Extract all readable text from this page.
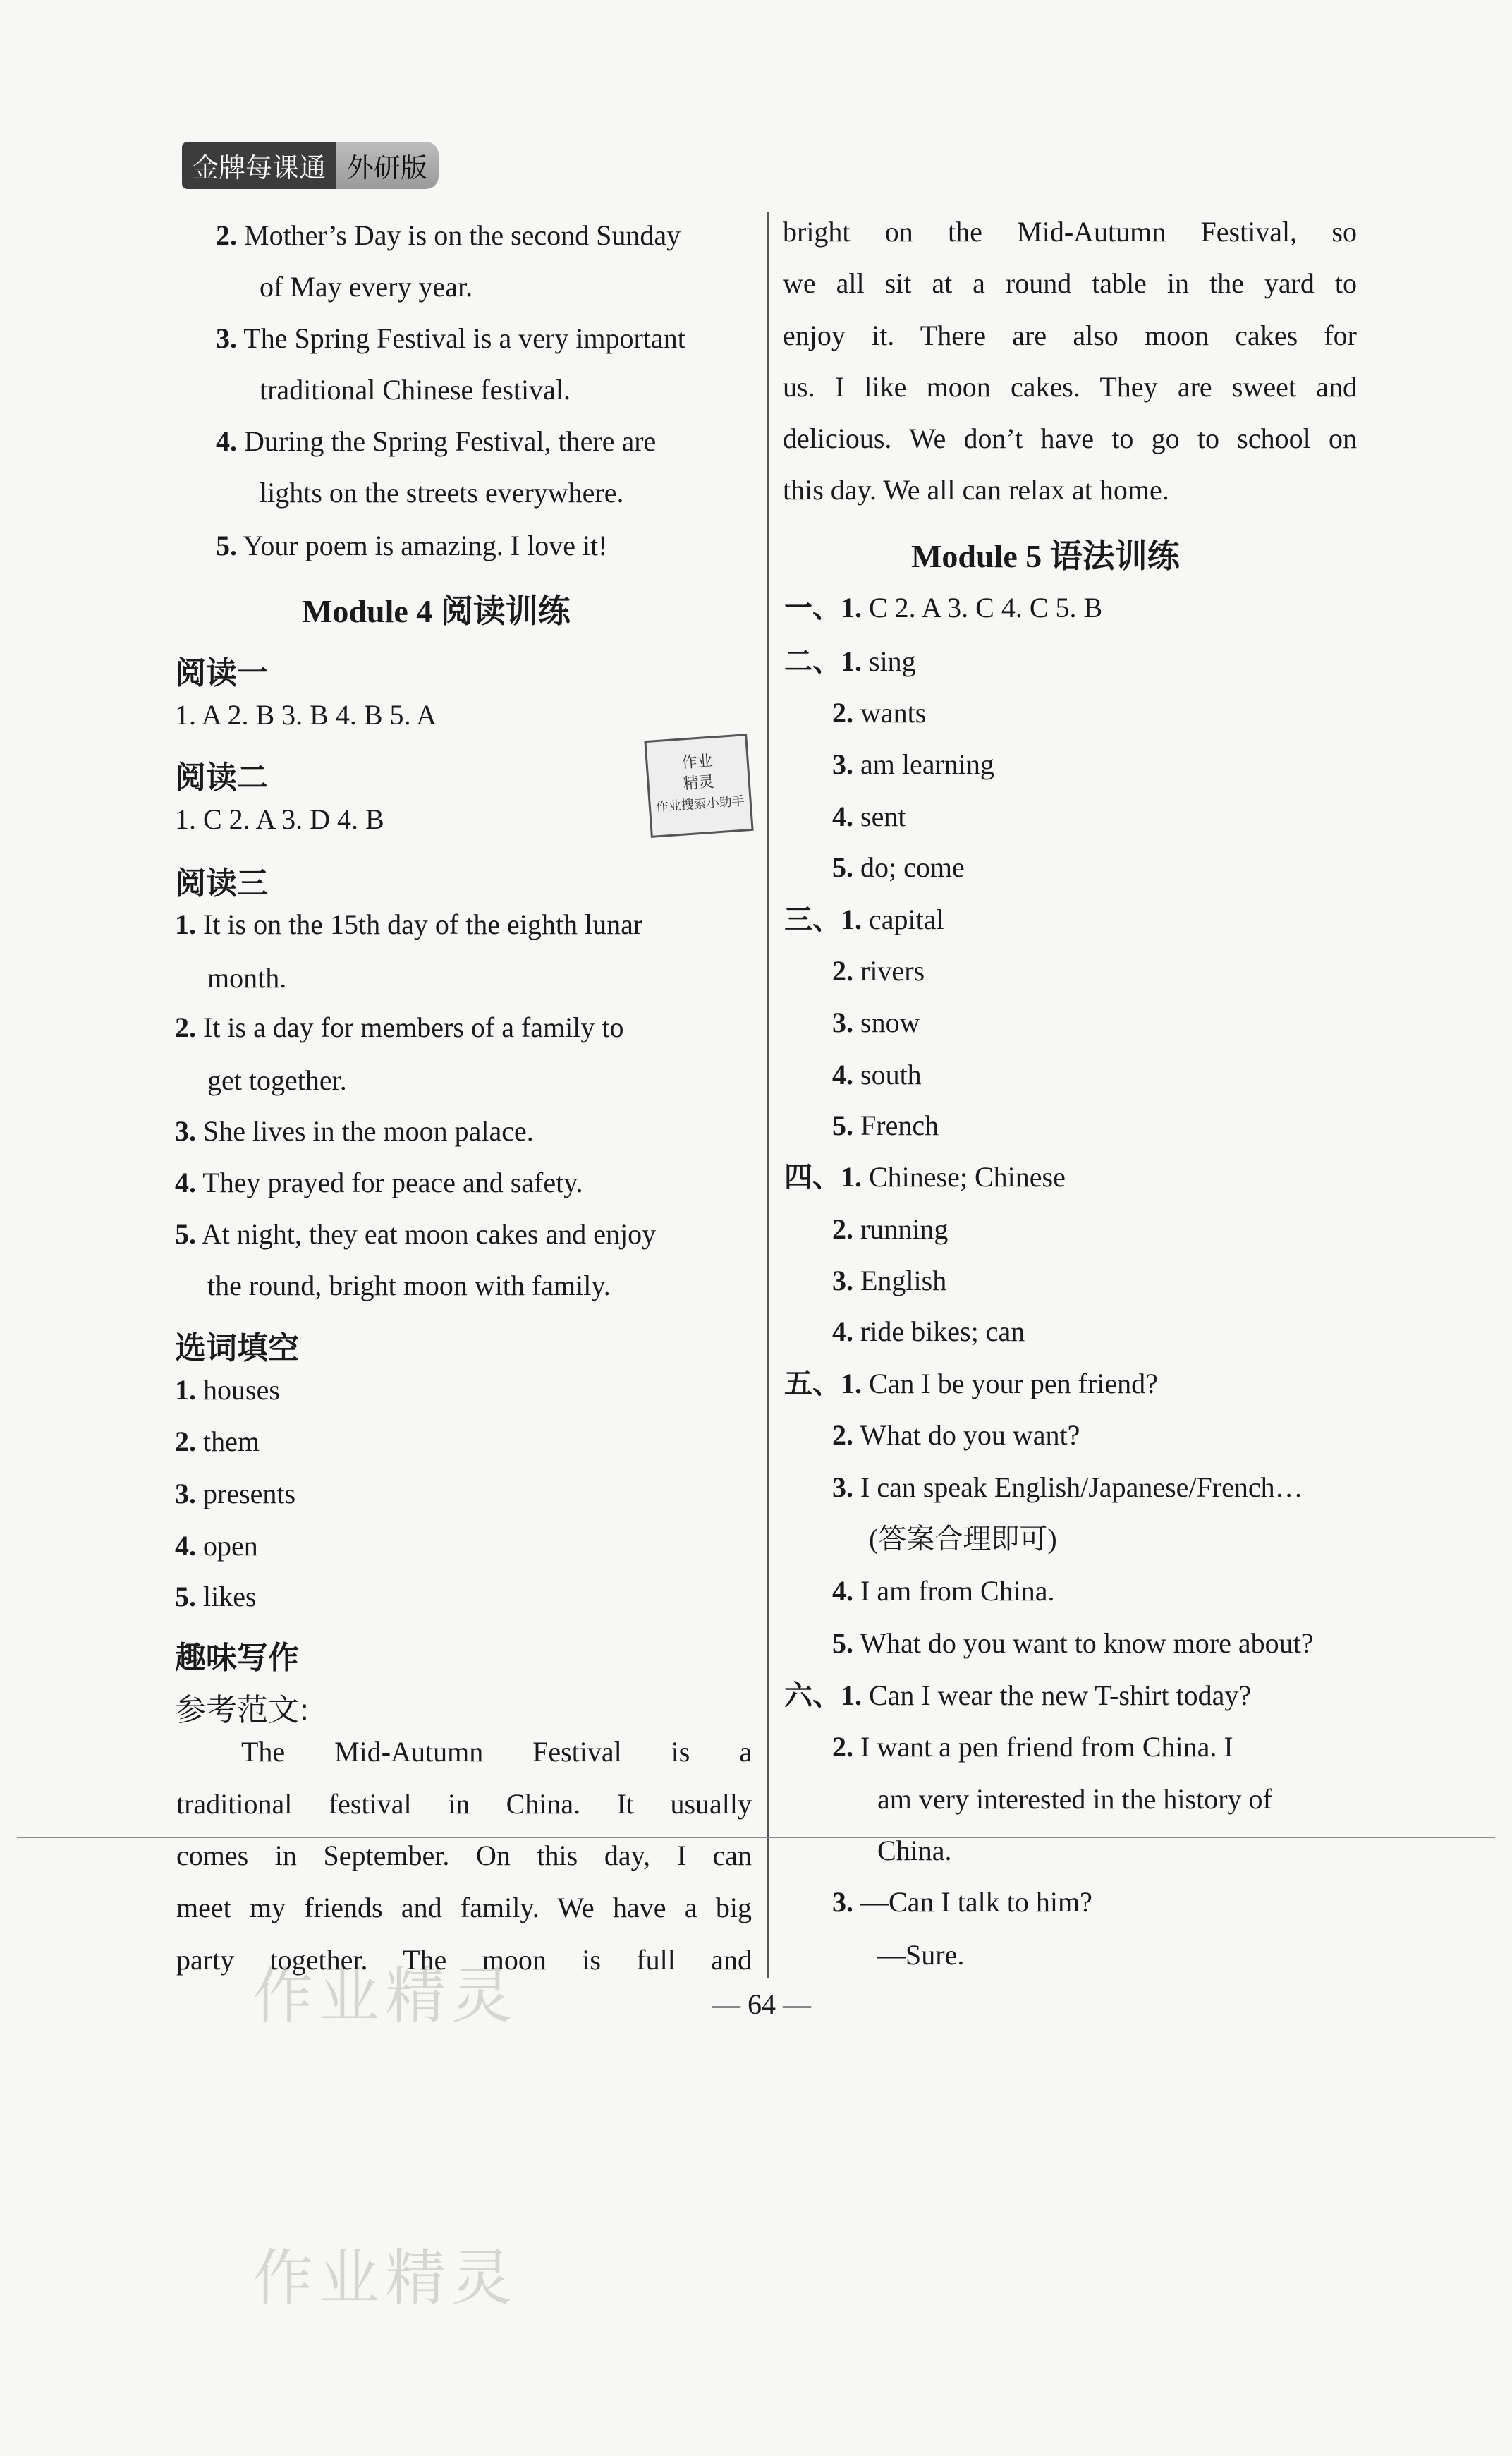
金牌每课通 外研版
作业
精灵
作业搜索小助手
作业精灵
作业精灵
2. Mother’s Day is on the second Sunday
of May every year.
3. The Spring Festival is a very important
traditional Chinese festival.
4. During the Spring Festival, there are
lights on the streets everywhere.
5. Your poem is amazing. I love it!
Module 4 阅读训练
阅读一
1. A 2. B 3. B 4. B 5. A
阅读二
1. C 2. A 3. D 4. B
阅读三
1. It is on the 15th day of the eighth lunar
month.
2. It is a day for members of a family to
get together.
3. She lives in the moon palace.
4. They prayed for peace and safety.
5. At night, they eat moon cakes and enjoy
the round, bright moon with family.
选词填空
1. houses
2. them
3. presents
4. open
5. likes
趣味写作
参考范文:
The Mid-Autumn Festival is a
traditional festival in China. It usually
comes in September. On this day, I can
meet my friends and family. We have a big
party together. The moon is full and
bright on the Mid-Autumn Festival, so
we all sit at a round table in the yard to
enjoy it. There are also moon cakes for
us. I like moon cakes. They are sweet and
delicious. We don’t have to go to school on
this day. We all can relax at home.
Module 5 语法训练
一、1. C 2. A 3. C 4. C 5. B
二、1. sing
2. wants
3. am learning
4. sent
5. do; come
三、1. capital
2. rivers
3. snow
4. south
5. French
四、1. Chinese; Chinese
2. running
3. English
4. ride bikes; can
五、1. Can I be your pen friend?
2. What do you want?
3. I can speak English/Japanese/French…
(答案合理即可)
4. I am from China.
5. What do you want to know more about?
六、1. Can I wear the new T-shirt today?
2. I want a pen friend from China. I
am very interested in the history of
China.
3. —Can I talk to him?
—Sure.
— 64 —
